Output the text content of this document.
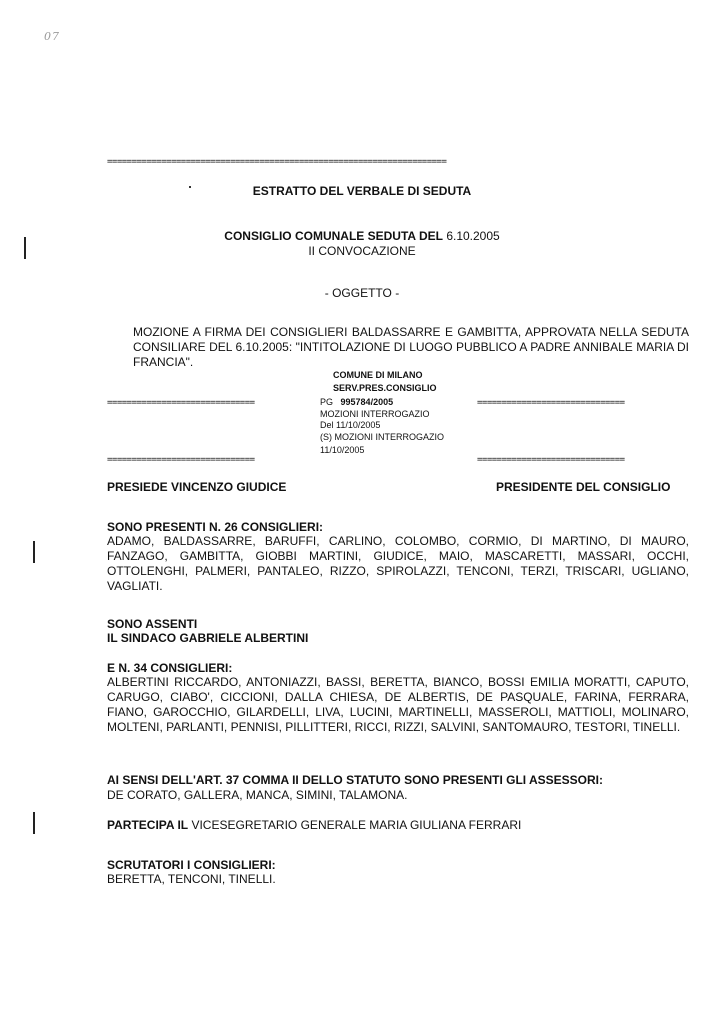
07
=====================================================================
ESTRATTO DEL VERBALE DI SEDUTA
CONSIGLIO COMUNALE SEDUTA DEL 6.10.2005
II CONVOCAZIONE
- OGGETTO -
MOZIONE A FIRMA DEI CONSIGLIERI BALDASSARRE E GAMBITTA, APPROVATA NELLA SEDUTA CONSILIARE DEL 6.10.2005: "INTITOLAZIONE DI LUOGO PUBBLICO A PADRE ANNIBALE MARIA DI FRANCIA".
COMUNE DI MILANO
SERV.PRES.CONSIGLIO
==============================	PG 995784/2005	==============================
MOZIONI INTERROGAZIO
Del 11/10/2005
(S) MOZIONI INTERROGAZIO
11/10/2005
==============================	==============================
PRESIEDE VINCENZO GIUDICE	PRESIDENTE DEL CONSIGLIO
SONO PRESENTI N. 26 CONSIGLIERI:
ADAMO, BALDASSARRE, BARUFFI, CARLINO, COLOMBO, CORMIO, DI MARTINO, DI MAURO, FANZAGO, GAMBITTA, GIOBBI MARTINI, GIUDICE, MAIO, MASCARETTI, MASSARI, OCCHI, OTTOLENGHI, PALMERI, PANTALEO, RIZZO, SPIROLAZZI, TENCONI, TERZI, TRISCARI, UGLIANO, VAGLIATI.
SONO ASSENTI
IL SINDACO GABRIELE ALBERTINI
E N. 34 CONSIGLIERI:
ALBERTINI RICCARDO, ANTONIAZZI, BASSI, BERETTA, BIANCO, BOSSI EMILIA MORATTI, CAPUTO, CARUGO, CIABO', CICCIONI, DALLA CHIESA, DE ALBERTIS, DE PASQUALE, FARINA, FERRARA, FIANO, GAROCCHIO, GILARDELLI, LIVA, LUCINI, MARTINELLI, MASSEROLI, MATTIOLI, MOLINARO, MOLTENI, PARLANTI, PENNISI, PILLITTERI, RICCI, RIZZI, SALVINI, SANTOMAURO, TESTORI, TINELLI.
AI SENSI DELL'ART. 37 COMMA II DELLO STATUTO SONO PRESENTI GLI ASSESSORI:
DE CORATO, GALLERA, MANCA, SIMINI, TALAMONA.
PARTECIPA IL VICESEGRETARIO GENERALE MARIA GIULIANA FERRARI
SCRUTATORI I CONSIGLIERI:
BERETTA, TENCONI, TINELLI.
